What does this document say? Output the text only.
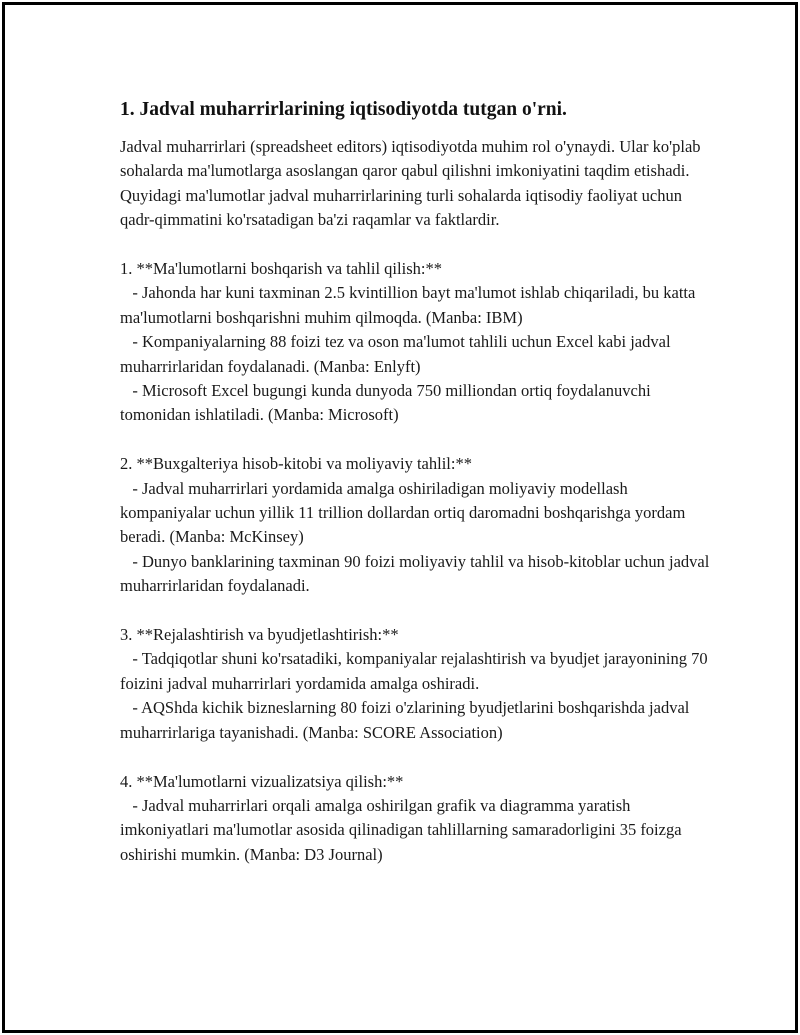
1. Jadval muharrirlarining iqtisodiyotda tutgan o'rni.

Jadval muharrirlari (spreadsheet editors) iqtisodiyotda muhim rol o'ynaydi. Ular ko'plab sohalarda ma'lumotlarga asoslangan qaror qabul qilishni imkoniyatini taqdim etishadi. Quyidagi ma'lumotlar jadval muharrirlarining turli sohalarda iqtisodiy faoliyat uchun qadr-qimmatini ko'rsatadigan ba'zi raqamlar va faktlardir.

1. **Ma'lumotlarni boshqarish va tahlil qilish:**
- Jahonda har kuni taxminan 2.5 kvintillion bayt ma'lumot ishlab chiqariladi, bu katta ma'lumotlarni boshqarishni muhim qilmoqda. (Manba: IBM)
- Kompaniyalarning 88 foizi tez va oson ma'lumot tahlili uchun Excel kabi jadval muharrirlaridan foydalanadi. (Manba: Enlyft)
- Microsoft Excel bugungi kunda dunyoda 750 milliondan ortiq foydalanuvchi tomonidan ishlatiladi. (Manba: Microsoft)

2. **Buxgalteriya hisob-kitobi va moliyaviy tahlil:**
- Jadval muharrirlari yordamida amalga oshiriladigan moliyaviy modellash kompaniyalar uchun yillik 11 trillion dollardan ortiq daromadni boshqarishga yordam beradi. (Manba: McKinsey)
- Dunyo banklarining taxminan 90 foizi moliyaviy tahlil va hisob-kitoblar uchun jadval muharrirlaridan foydalanadi.

3. **Rejalashtirish va byudjetlashtirish:**
- Tadqiqotlar shuni ko'rsatadiki, kompaniyalar rejalashtirish va byudjet jarayonining 70 foizini jadval muharrirlari yordamida amalga oshiradi.
- AQShda kichik bizneslarning 80 foizi o'zlarining byudjetlarini boshqarishda jadval muharrirlariga tayanishadi. (Manba: SCORE Association)

4. **Ma'lumotlarni vizualizatsiya qilish:**
- Jadval muharrirlari orqali amalga oshirilgan grafik va diagramma yaratish imkoniyatlari ma'lumotlar asosida qilinadigan tahlillarning samaradorligini 35 foizga oshirishi mumkin. (Manba: D3 Journal)
